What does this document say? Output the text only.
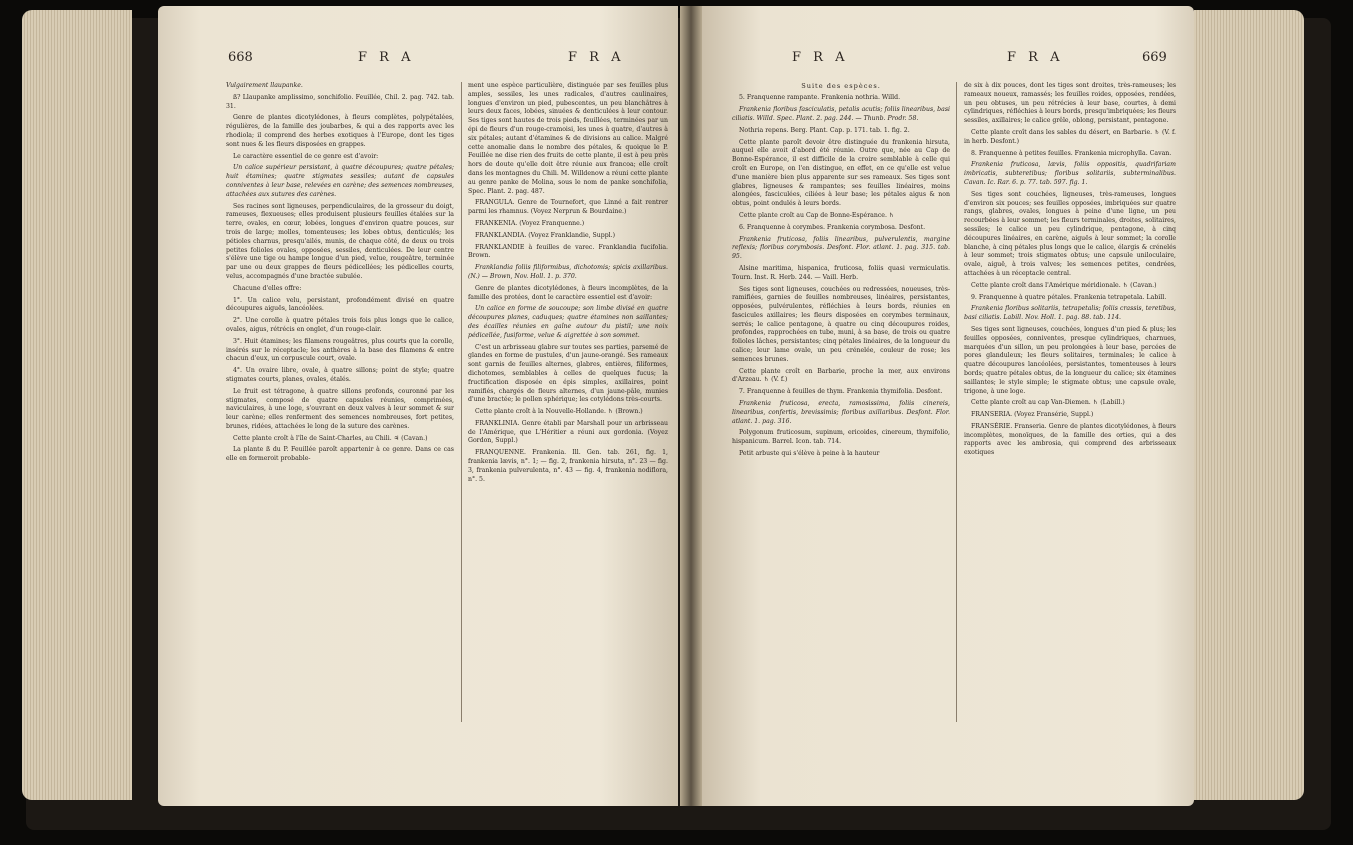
668	F R A	F R A

Vulgairement llaupanke.

ß? Llaupanke amplissimo, sonchifolio. Feuillée, Chil. 2. pag. 742. tab. 31.

Genre de plantes dicotylédones, à fleurs complètes, polypétalées, régulières, de la famille des joubarbes, & qui a des rapports avec les rhodiola; il comprend des herbes exotiques à l'Europe, dont les tiges sont nues & les fleurs disposées en grappes.

Le caractère essentiel de ce genre est d'avoir:

Un calice supérieur persistant, à quatre découpures; quatre pétales; huit étamines; quatre stigmates sessiles; autant de capsules conniventes à leur base, relevées en carène; des semences nombreuses, attachées aux sutures des carènes.

Ses racines sont ligneuses, perpendiculaires, de la grosseur du doigt, rameuses, flexueuses; elles produisent plusieurs feuilles étalées sur la terre, ovales, en cœur, lobées, longues d'environ quatre pouces, sur trois de large; molles, tomenteuses; les lobes obtus, denticulés; les pétioles charnus, presqu'ailés, munis, de chaque côté, de deux ou trois petites folioles ovales, opposées, sessiles, denticulées. De leur centre s'élève une tige ou hampe longue d'un pied, velue, rougeâtre, terminée par une ou deux grappes de fleurs pédicellées; les pédicelles courts, velus, accompagnés d'une bractée subulée.

Chacune d'elles offre:

1°. Un calice velu, persistant, profondément divisé en quatre découpures aiguës, lancéolées.

2°. Une corolle à quatre pétales trois fois plus longs que le calice, ovales, aigus, rétrécis en onglet, d'un rouge-clair.

3°. Huit étamines; les filamens rougeâtres, plus courts que la corolle, insérés sur le réceptacle; les anthères à la base des filamens & entre chacun d'eux, un corpuscule court, ovale.

4°. Un ovaire libre, ovale, à quatre sillons; point de style; quatre stigmates courts, planes, ovales, étalés.

Le fruit est tétragone, à quatre sillons profonds, couronné par les stigmates, composé de quatre capsules réunies, comprimées, naviculaires, à une loge, s'ouvrant en deux valves à leur sommet & sur leur carène; elles renferment des semences nombreuses, fort petites, brunes, ridées, attachées le long de la suture des carènes.

Cette plante croît à l'île de Saint-Charles, au Chili. ♃ (Cavan.)

La plante ß du P. Feuillée paroît appartenir à ce genre. Dans ce cas elle en formeroit probable-

ment une espèce particulière, distinguée par ses feuilles plus amples, sessiles, les unes radicales, d'autres caulinaires, longues d'environ un pied, pubescentes, un peu blanchâtres à leurs deux faces, lobées, sinuées & denticulées à leur contour. Ses tiges sont hautes de trois pieds, feuillées, terminées par un épi de fleurs d'un rouge-cramoisi, les unes à quatre, d'autres à six pétales; autant d'étamines & de divisions au calice. Malgré cette anomalie dans le nombre des pétales, & quoique le P. Feuillée ne dise rien des fruits de cette plante, il est à peu près hors de doute qu'elle doit être réunie aux francoa; elle croît dans les montagnes du Chili. M. Willdenow a réuni cette plante au genre panke de Molina, sous le nom de panke sonchifolia, Spec. Plant. 2. pag. 487.

FRANGULA. Genre de Tournefort, que Linné a fait rentrer parmi les rhamnus. (Voyez Nerprun & Bourdaine.)

FRANKENIA. (Voyez Franquenne.)

FRANKLANDIA. (Voyez Franklandie, Suppl.)

FRANKLANDIE à feuilles de varec. Franklandia fucifolia. Brown.

Franklandia foliis filiformibus, dichotomis; spicis axillaribus. (N.) — Brown, Nov. Holl. 1. p. 370.

Genre de plantes dicotylédones, à fleurs incomplètes, de la famille des protées, dont le caractère essentiel est d'avoir:

Un calice en forme de soucoupe; son limbe divisé en quatre découpures planes, caduques; quatre étamines non saillantes; des écailles réunies en gaîne autour du pistil; une noix pédicellée, fusiforme, velue & aigrettée à son sommet.

C'est un arbrisseau glabre sur toutes ses parties, parsemé de glandes en forme de pustules, d'un jaune-orangé. Ses rameaux sont garnis de feuilles alternes, glabres, entières, filiformes, dichotomes, semblables à celles de quelques fucus; la fructification disposée en épis simples, axillaires, point ramifiés, chargés de fleurs alternes, d'un jaune-pâle, munies d'une bractée; le pollen sphérique; les cotylédons très-courts.

Cette plante croît à la Nouvelle-Hollande. ♄ (Brown.)

FRANKLINIA. Genre établi par Marshall pour un arbrisseau de l'Amérique, que L'Héritier a réuni aux gordonia. (Voyez Gordon, Suppl.)

FRANQUENNE. Frankenia. Ill. Gen. tab. 261, fig. 1, frankenia lævis, n°. 1; — fig. 2, frankenia hirsuta, n°. 23 — fig. 3, frankenia pulverulenta, n°. 43 — fig. 4, frankenia nodiflora, n°. 5.

F R A	F R A	669

Suite des espèces.

5. Franquenne rampante. Frankenia nothria. Willd.

Frankenia floribus fasciculatis, petalis acutis; foliis linearibus, basi ciliatis. Willd. Spec. Plant. 2. pag. 244. — Thunb. Prodr. 58.

Nothria repens. Berg. Plant. Cap. p. 171. tab. 1. fig. 2.

Cette plante paroît devoir être distinguée du frankenia hirsuta, auquel elle avoit d'abord été réunie. Outre que, née au Cap de Bonne-Espérance, il est difficile de la croire semblable à celle qui croît en Europe, on l'en distingue, en effet, en ce qu'elle est velue d'une manière bien plus apparente sur ses rameaux. Ses tiges sont glabres, ligneuses & rampantes; ses feuilles linéaires, moins alongées, fasciculées, ciliées à leur base; les pétales aigus & non obtus, point ondulés à leurs bords.

Cette plante croît au Cap de Bonne-Espérance. ♄

6. Franquenne à corymbes. Frankenia corymbosa. Desfont.

Frankenia fruticosa, foliis linearibus, pulverulentis, margine reflexis; floribus corymbosis. Desfont. Flor. atlant. 1. pag. 315. tab. 95.

Alsine maritima, hispanica, fruticosa, foliis quasi vermiculatis. Tourn. Inst. R. Herb. 244. — Vaill. Herb.

Ses tiges sont ligneuses, couchées ou redressées, noueuses, très-ramifiées, garnies de feuilles nombreuses, linéaires, persistantes, opposées, pulvérulentes, réfléchies à leurs bords, réunies en fascicules axillaires; les fleurs disposées en corymbes terminaux, serrés; le calice pentagone, à quatre ou cinq découpures roides, profondes, rapprochées en tube, muni, à sa base, de trois ou quatre folioles lâches, persistantes; cinq pétales linéaires, de la longueur du calice; leur lame ovale, un peu crénelée, couleur de rose; les semences brunes.

Cette plante croît en Barbarie, proche la mer, aux environs d'Arzeau. ♄ (V. f.)

7. Franquenne à feuilles de thym. Frankenia thymifolia. Desfont.

Frankenia fruticosa, erecta, ramosissima, foliis cinereis, linearibus, confertis, brevissimis; floribus axillaribus. Desfont. Flor. atlant. 1. pag. 316.

Polygonum fruticosum, supinum, ericoides, cinereum, thymifolio, hispanicum. Barrel. Icon. tab. 714.

Petit arbuste qui s'élève à peine à la hauteur

de six à dix pouces, dont les tiges sont droites, très-rameuses; les rameaux noueux, ramassés; les feuilles roides, opposées, rendées, un peu obtuses, un peu rétrécies à leur base, courtes, à demi cylindriques, réfléchies à leurs bords, presqu'imbriquées; les fleurs sessiles, axillaires; le calice grêle, oblong, persistant, pentagone.

Cette plante croît dans les sables du désert, en Barbarie. ♄ (V. f. in herb. Desfont.)

8. Franquenne à petites feuilles. Frankenia microphylla. Cavan.

Frankenia fruticosa, lævis, foliis oppositis, quadrifariam imbricatis, subteretibus; floribus solitariis, subterminalibus. Cavan. Ic. Rar. 6. p. 77. tab. 597. fig. 1.

Ses tiges sont couchées, ligneuses, très-rameuses, longues d'environ six pouces; ses feuilles opposées, imbriquées sur quatre rangs, glabres, ovales, longues à peine d'une ligne, un peu recourbées à leur sommet; les fleurs terminales, droites, solitaires, sessiles; le calice un peu cylindrique, pentagone, à cinq découpures linéaires, en carène, aiguës à leur sommet; la corolle blanche, à cinq pétales plus longs que le calice, élargis & crénelés à leur sommet; trois stigmates obtus; une capsule uniloculaire, ovale, aiguë, à trois valves; les semences petites, cendrées, attachées à un réceptacle central.

Cette plante croît dans l'Amérique méridionale. ♄ (Cavan.)

9. Franquenne à quatre pétales. Frankenia tetrapetala. Labill.

Frankenia floribus solitariis, tetrapetalis; foliis crassis, teretibus, basi ciliatis. Labill. Nov. Holl. 1. pag. 88. tab. 114.

Ses tiges sont ligneuses, couchées, longues d'un pied & plus; les feuilles opposées, conniventes, presque cylindriques, charnues, marquées d'un sillon, un peu prolongées à leur base, percées de pores glanduleux; les fleurs solitaires, terminales; le calice à quatre découpures lancéolées, persistantes, tomenteuses à leurs bords; quatre pétales obtus, de la longueur du calice; six étamines saillantes; le style simple; le stigmate obtus; une capsule ovale, trigone, à une loge.

Cette plante croît au cap Van-Diemen. ♄ (Labill.)

FRANSERIA. (Voyez Fransérie, Suppl.)

FRANSÉRIE. Franseria. Genre de plantes dicotylédones, à fleurs incomplètes, monoïques, de la famille des orties, qui a des rapports avec les ambrosia, qui comprend des arbrisseaux exotiques
